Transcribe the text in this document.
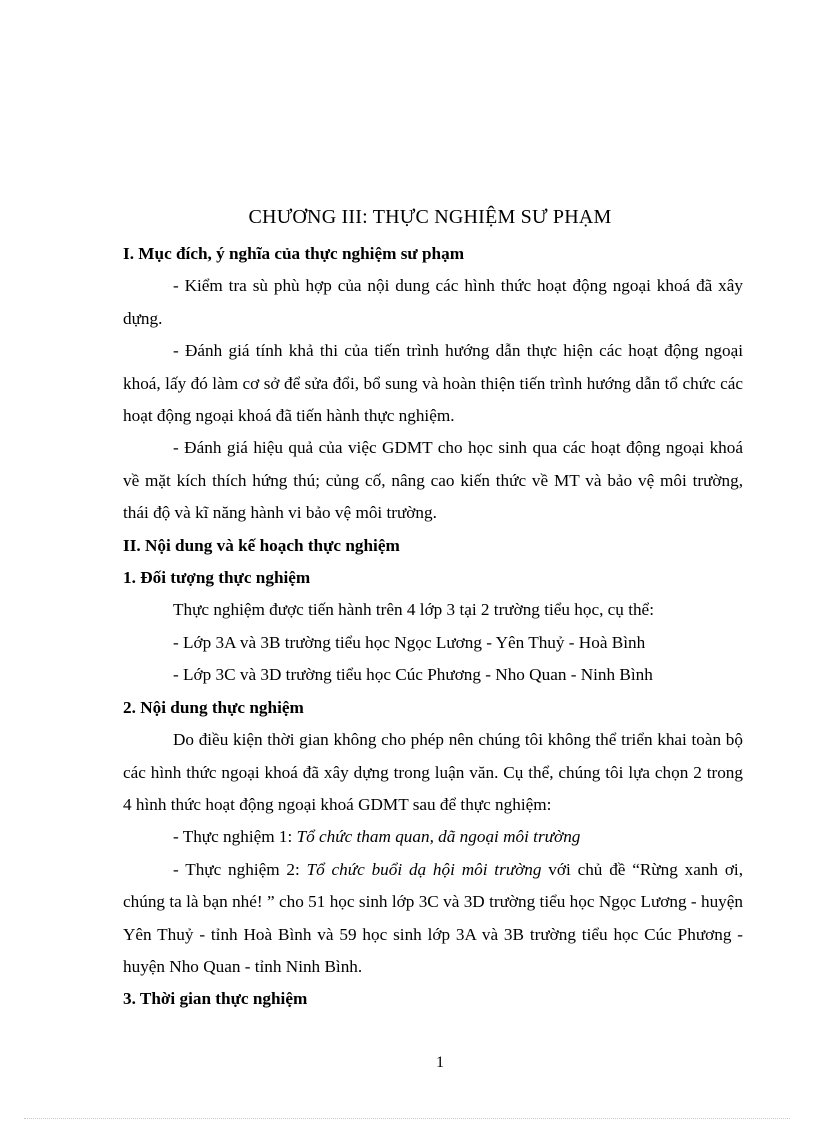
CHƯƠNG III: THỰC NGHIỆM SƯ PHẠM

I. Mục đích, ý nghĩa của thực nghiệm sư phạm

- Kiểm tra sù phù hợp của nội dung các hình thức hoạt động ngoại khoá đã xây dựng.

- Đánh giá tính khả thi của tiến trình hướng dẫn thực hiện các hoạt động ngoại khoá, lấy đó làm cơ sở để sửa đổi, bổ sung và hoàn thiện tiến trình hướng dẫn tổ chức các hoạt động ngoại khoá đã tiến hành thực nghiệm.

- Đánh giá hiệu quả của việc GDMT cho học sinh qua các hoạt động ngoại khoá về mặt kích thích hứng thú; củng cố, nâng cao kiến thức về MT và bảo vệ môi trường, thái độ và kĩ năng hành vi bảo vệ môi trường.

II. Nội dung và kế hoạch thực nghiệm

1. Đối tượng thực nghiệm

Thực nghiệm được tiến hành trên 4 lớp 3 tại 2 trường tiểu học, cụ thể:

- Lớp 3A và 3B trường tiểu học Ngọc Lương - Yên Thuỷ - Hoà Bình

- Lớp 3C và 3D trường tiểu học Cúc Phương - Nho Quan - Ninh Bình

2. Nội dung thực nghiệm

Do điều kiện thời gian không cho phép nên chúng tôi không thể triển khai toàn bộ các hình thức ngoại khoá đã xây dựng trong luận văn. Cụ thể, chúng tôi lựa chọn 2 trong 4 hình thức hoạt động ngoại khoá GDMT sau để thực nghiệm:

- Thực nghiệm 1: Tổ chức tham quan, dã ngoại môi trường

- Thực nghiệm 2: Tổ chức buổi dạ hội môi trường với chủ đề “Rừng xanh ơi, chúng ta là bạn nhé! ” cho 51 học sinh lớp 3C và 3D trường tiểu học Ngọc Lương - huyện Yên Thuỷ - tỉnh Hoà Bình và 59 học sinh lớp 3A và 3B trường tiểu học Cúc Phương - huyện Nho Quan - tỉnh Ninh Bình.

3. Thời gian thực nghiệm

1
